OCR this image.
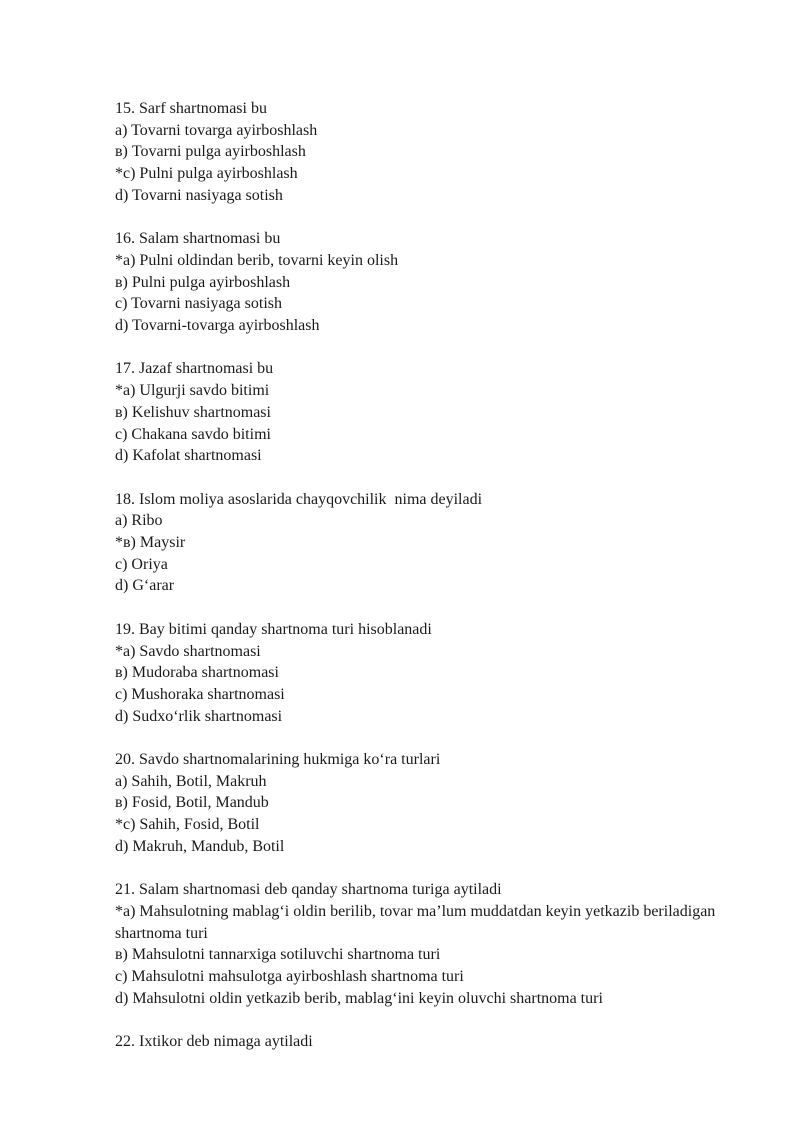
15. Sarf shartnomasi bu
a) Tovarni tovarga ayirboshlash
в) Tovarni pulga ayirboshlash
*c) Pulni pulga ayirboshlash
d) Tovarni nasiyaga sotish
16. Salam shartnomasi bu
*a) Pulni oldindan berib, tovarni keyin olish
в) Pulni pulga ayirboshlash
c) Tovarni nasiyaga sotish
d) Tovarni-tovarga ayirboshlash
17. Jazaf shartnomasi bu
*a) Ulgurji savdo bitimi
в) Kelishuv shartnomasi
c) Chakana savdo bitimi
d) Kafolat shartnomasi
18. Islom moliya asoslarida chayqovchilik  nima deyiladi
a) Ribo
*в) Maysir
c) Oriya
d) G‘arar
19. Bay bitimi qanday shartnoma turi hisoblanadi
*a) Savdo shartnomasi
в) Mudoraba shartnomasi
c) Mushoraka shartnomasi
d) Sudxo‘rlik shartnomasi
20. Savdo shartnomalarining hukmiga ko‘ra turlari
a) Sahih, Botil, Makruh
в) Fosid, Botil, Mandub
*c) Sahih, Fosid, Botil
d) Makruh, Mandub, Botil
21. Salam shartnomasi deb qanday shartnoma turiga aytiladi
*a) Mahsulotning mablag‘i oldin berilib, tovar ma’lum muddatdan keyin yetkazib beriladigan shartnoma turi
в) Mahsulotni tannarxiga sotiluvchi shartnoma turi
c) Mahsulotni mahsulotga ayirboshlash shartnoma turi
d) Mahsulotni oldin yetkazib berib, mablag‘ini keyin oluvchi shartnoma turi
22. Ixtikor deb nimaga aytiladi
